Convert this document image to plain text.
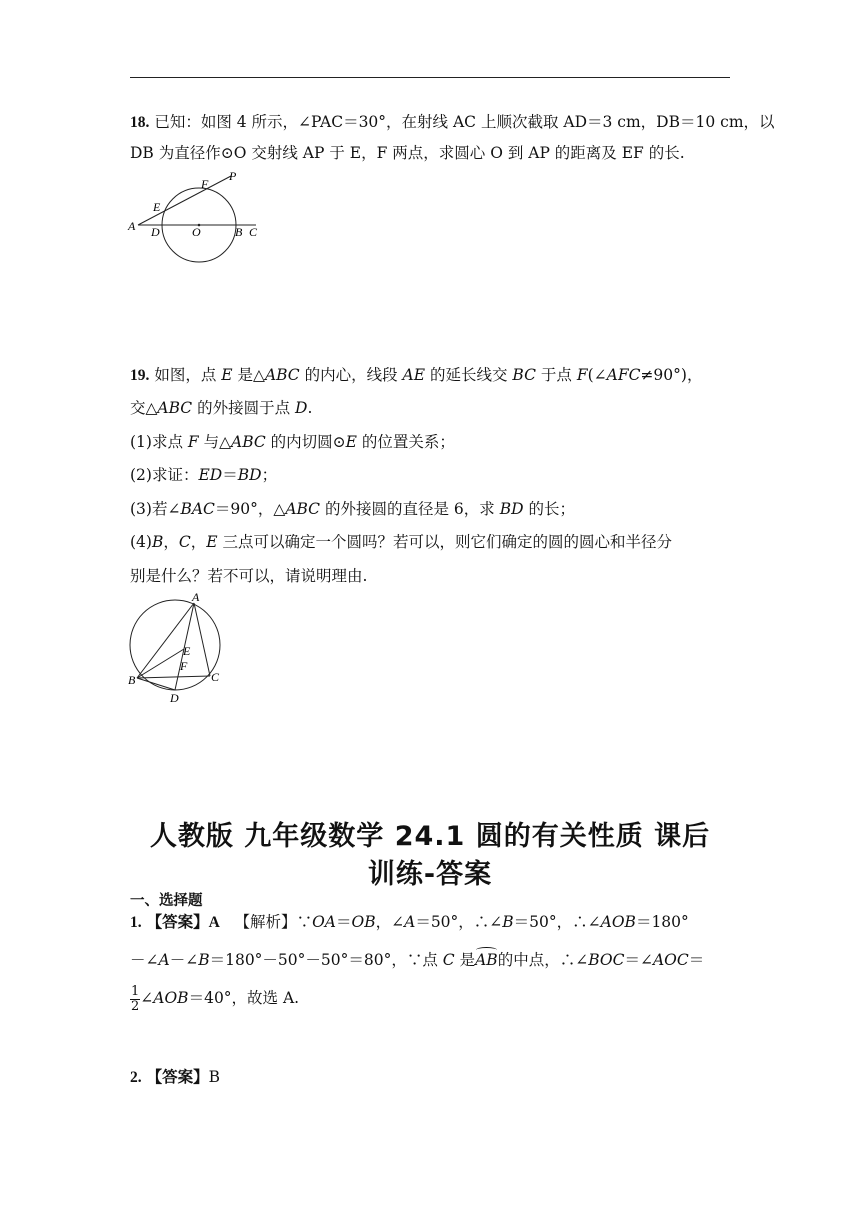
18. 已知：如图 4 所示，∠PAC＝30°，在射线 AC 上顺次截取 AD＝3 cm，DB＝10 cm，以
DB 为直径作⊙O 交射线 AP 于 E，F 两点，求圆心 O 到 AP 的距离及 EF 的长.
A D	O	B C
E
F
P
19. 如图，点 E 是△ABC 的内心，线段 AE 的延长线交 BC 于点 F(∠AFC≠90°)，
交△ABC 的外接圆于点 D.
(1)求点 F 与△ABC 的内切圆⊙E 的位置关系；
(2)求证：ED＝BD；
(3)若∠BAC＝90°，△ABC 的外接圆的直径是 6，求 BD 的长；
(4)B，C，E 三点可以确定一个圆吗？若可以，则它们确定的圆的圆心和半径分
别是什么？若不可以，请说明理由.
A
B	C
D
E
F
人教版 九年级数学 24.1 圆的有关性质 课后
训练-答案
一、选择题
1. 【答案】A 【解析】∵OA＝OB，∠A＝50°，∴∠B＝50°，∴∠AOB＝180°
－∠A－∠B＝180°－50°－50°＝80°，∵点 C 是AB的中点，∴∠BOC＝∠AOC＝
$\frac{1}{2}$ ∠AOB＝40°，故选 A.
2. 【答案】B
